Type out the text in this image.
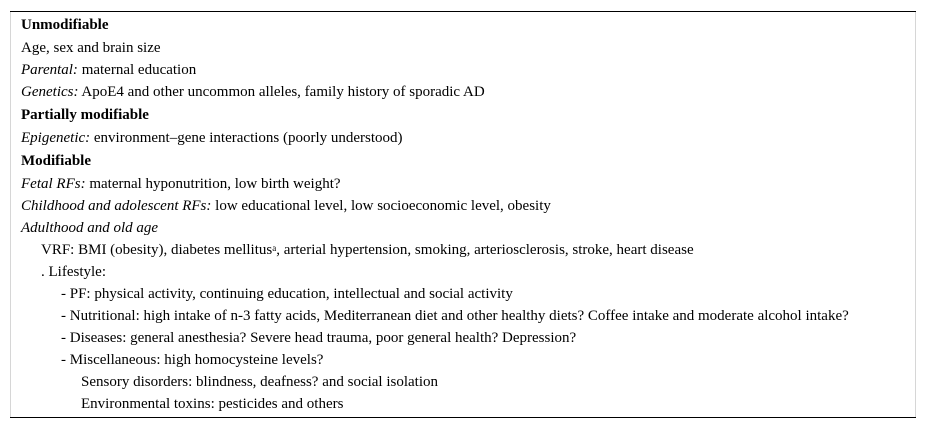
Unmodifiable
Age, sex and brain size
Parental: maternal education
Genetics: ApoE4 and other uncommon alleles, family history of sporadic AD
Partially modifiable
Epigenetic: environment–gene interactions (poorly understood)
Modifiable
Fetal RFs: maternal hyponutrition, low birth weight?
Childhood and adolescent RFs: low educational level, low socioeconomic level, obesity
Adulthood and old age
VRF: BMI (obesity), diabetes mellitus$^a$, arterial hypertension, smoking, arteriosclerosis, stroke, heart disease
. Lifestyle:
- PF: physical activity, continuing education, intellectual and social activity
- Nutritional: high intake of n-3 fatty acids, Mediterranean diet and other healthy diets? Coffee intake and moderate alcohol intake?
- Diseases: general anesthesia? Severe head trauma, poor general health? Depression?
- Miscellaneous: high homocysteine levels?
Sensory disorders: blindness, deafness? and social isolation
Environmental toxins: pesticides and others
